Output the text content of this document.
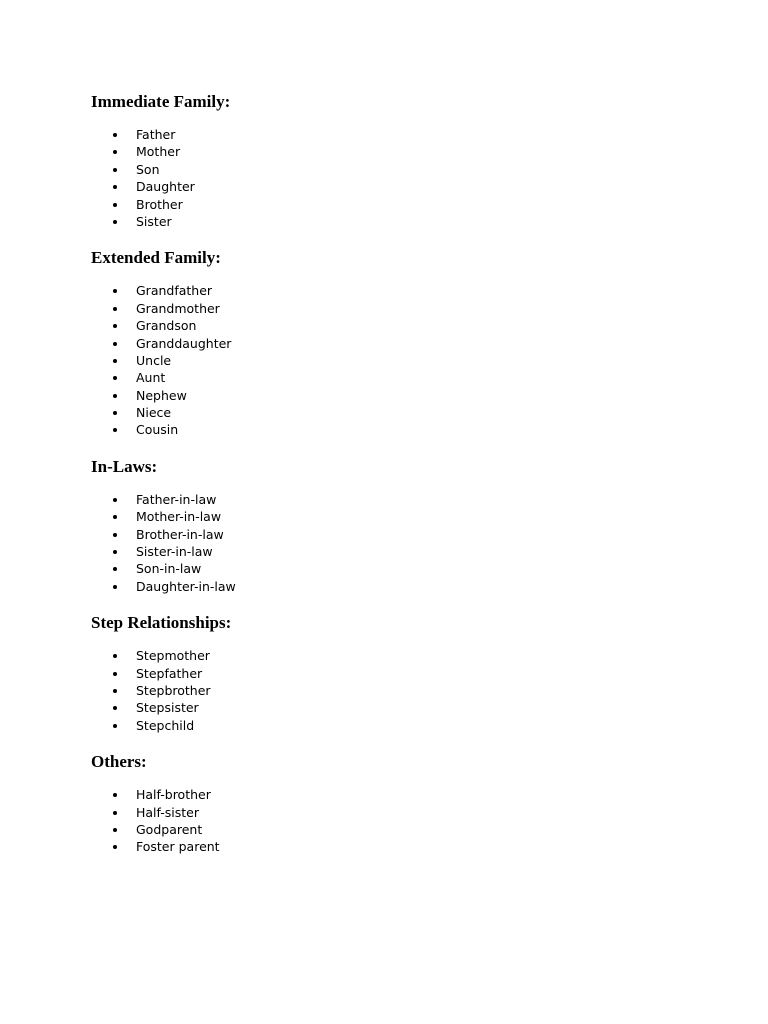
Immediate Family:
Father
Mother
Son
Daughter
Brother
Sister
Extended Family:
Grandfather
Grandmother
Grandson
Granddaughter
Uncle
Aunt
Nephew
Niece
Cousin
In-Laws:
Father-in-law
Mother-in-law
Brother-in-law
Sister-in-law
Son-in-law
Daughter-in-law
Step Relationships:
Stepmother
Stepfather
Stepbrother
Stepsister
Stepchild
Others:
Half-brother
Half-sister
Godparent
Foster parent
